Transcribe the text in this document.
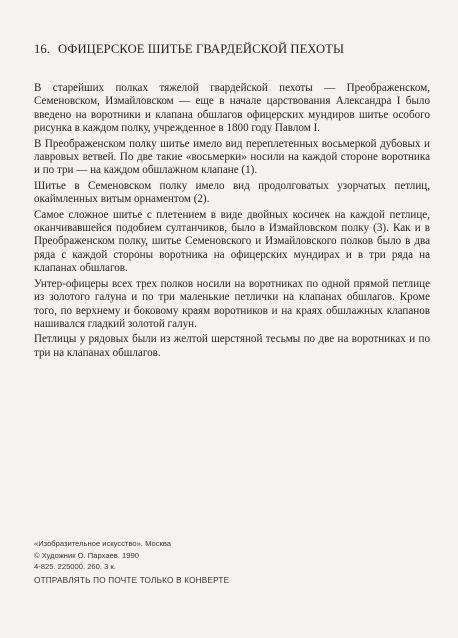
16. ОФИЦЕРСКОЕ ШИТЬЕ ГВАРДЕЙСКОЙ ПЕХОТЫ

В старейших полках тяжелой гвардейской пехоты — Преображенском, Семеновском, Измайловском — еще в начале царствования Александра I было введено на воротники и клапана обшлагов офицерских мундиров шитье особого рисунка в каждом полку, учрежденное в 1800 году Павлом I.

В Преображенском полку шитье имело вид переплетенных восьмеркой дубовых и лавровых ветвей. По две такие «восьмерки» носили на каждой стороне воротника и по три — на каждом обшлажном клапане (1).

Шитье в Семеновском полку имело вид продолговатых узорчатых петлиц, окаймленных витым орнаментом (2).

Самое сложное шитье с плетением в виде двойных косичек на каждой петлице, оканчивавшейся подобием султанчиков, было в Измайловском полку (3). Как и в Преображенском полку, шитье Семеновского и Измайловского полков было в два ряда с каждой стороны воротника на офицерских мундирах и в три ряда на клапанах обшлагов.

Унтер-офицеры всех трех полков носили на воротниках по одной прямой петлице из золотого галуна и по три маленькие петлички на клапанах обшлагов. Кроме того, по верхнему и боковому краям воротников и на краях обшлажных клапанов нашивался гладкий золотой галун.

Петлицы у рядовых были из желтой шерстяной тесьмы по две на воротниках и по три на клапанах обшлагов.

«Изобразительное искусство». Москва
© Художник О. Пархаев. 1990
4-825. 225000. 260. 3 к.
ОТПРАВЛЯТЬ ПО ПОЧТЕ ТОЛЬКО В КОНВЕРТЕ
